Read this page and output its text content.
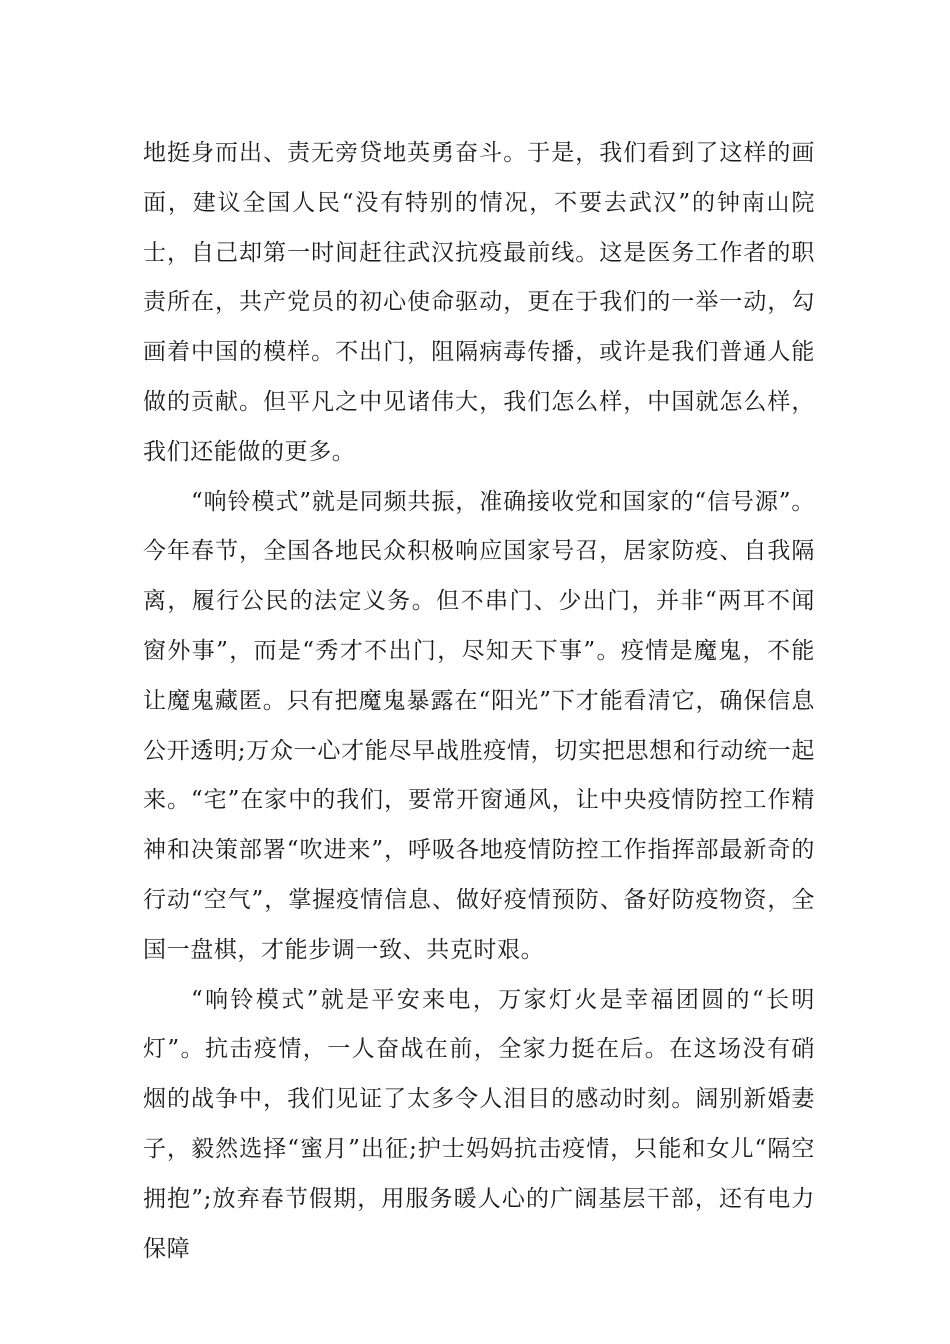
地挺身而出、责无旁贷地英勇奋斗。于是，我们看到了这样的画面，建议全国人民“没有特别的情况，不要去武汉”的钟南山院士，自己却第一时间赶往武汉抗疫最前线。这是医务工作者的职责所在，共产党员的初心使命驱动，更在于我们的一举一动，勾画着中国的模样。不出门，阻隔病毒传播，或许是我们普通人能做的贡献。但平凡之中见诸伟大，我们怎么样，中国就怎么样，我们还能做的更多。

“响铃模式”就是同频共振，准确接收党和国家的“信号源”。今年春节，全国各地民众积极响应国家号召，居家防疫、自我隔离，履行公民的法定义务。但不串门、少出门，并非“两耳不闻窗外事”，而是“秀才不出门，尽知天下事”。疫情是魔鬼，不能让魔鬼藏匿。只有把魔鬼暴露在“阳光”下才能看清它，确保信息公开透明;万众一心才能尽早战胜疫情，切实把思想和行动统一起来。“宅”在家中的我们，要常开窗通风，让中央疫情防控工作精神和决策部署“吹进来”，呼吸各地疫情防控工作指挥部最新奇的行动“空气”，掌握疫情信息、做好疫情预防、备好防疫物资，全国一盘棋，才能步调一致、共克时艰。

“响铃模式”就是平安来电，万家灯火是幸福团圆的“长明灯”。抗击疫情，一人奋战在前，全家力挺在后。在这场没有硝烟的战争中，我们见证了太多令人泪目的感动时刻。阔别新婚妻子，毅然选择“蜜月”出征;护士妈妈抗击疫情，只能和女儿“隔空拥抱”;放弃春节假期，用服务暖人心的广阔基层干部，还有电力保障
